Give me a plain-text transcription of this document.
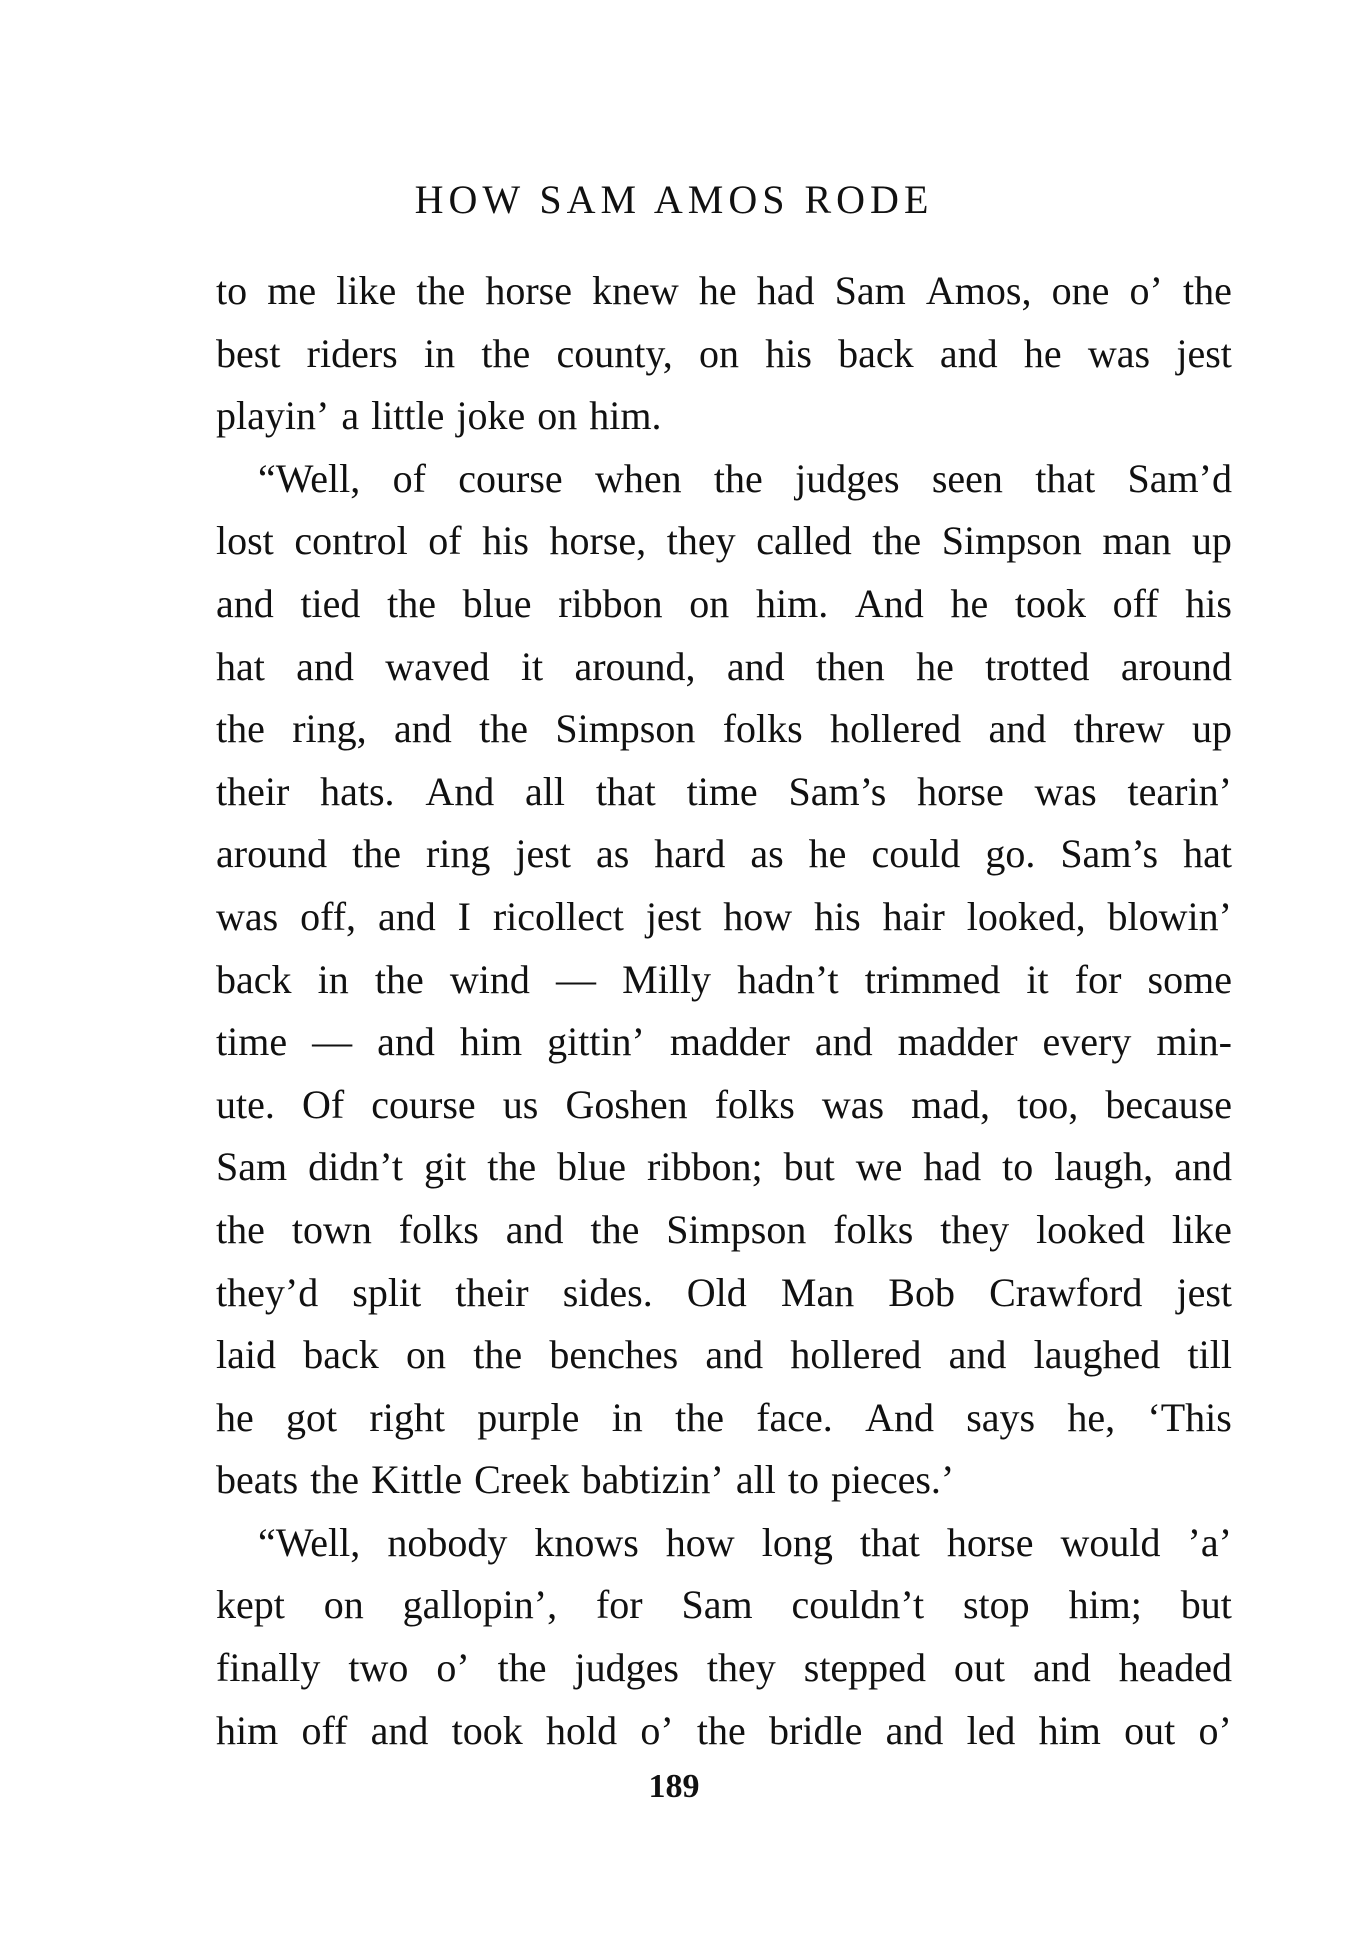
HOW SAM AMOS RODE
to me like the horse knew he had Sam Amos, one o’ the
best riders in the county, on his back and he was jest
playin’ a little joke on him.
“Well, of course when the judges seen that Sam’d
lost control of his horse, they called the Simpson man up
and tied the blue ribbon on him. And he took off his
hat and waved it around, and then he trotted around
the ring, and the Simpson folks hollered and threw up
their hats. And all that time Sam’s horse was tearin’
around the ring jest as hard as he could go. Sam’s hat
was off, and I ricollect jest how his hair looked, blowin’
back in the wind — Milly hadn’t trimmed it for some
time — and him gittin’ madder and madder every min-
ute. Of course us Goshen folks was mad, too, because
Sam didn’t git the blue ribbon; but we had to laugh, and
the town folks and the Simpson folks they looked like
they’d split their sides. Old Man Bob Crawford jest
laid back on the benches and hollered and laughed till
he got right purple in the face. And says he, ‘This
beats the Kittle Creek babtizin’ all to pieces.’
“Well, nobody knows how long that horse would ’a’
kept on gallopin’, for Sam couldn’t stop him; but
finally two o’ the judges they stepped out and headed
him off and took hold o’ the bridle and led him out o’
189
